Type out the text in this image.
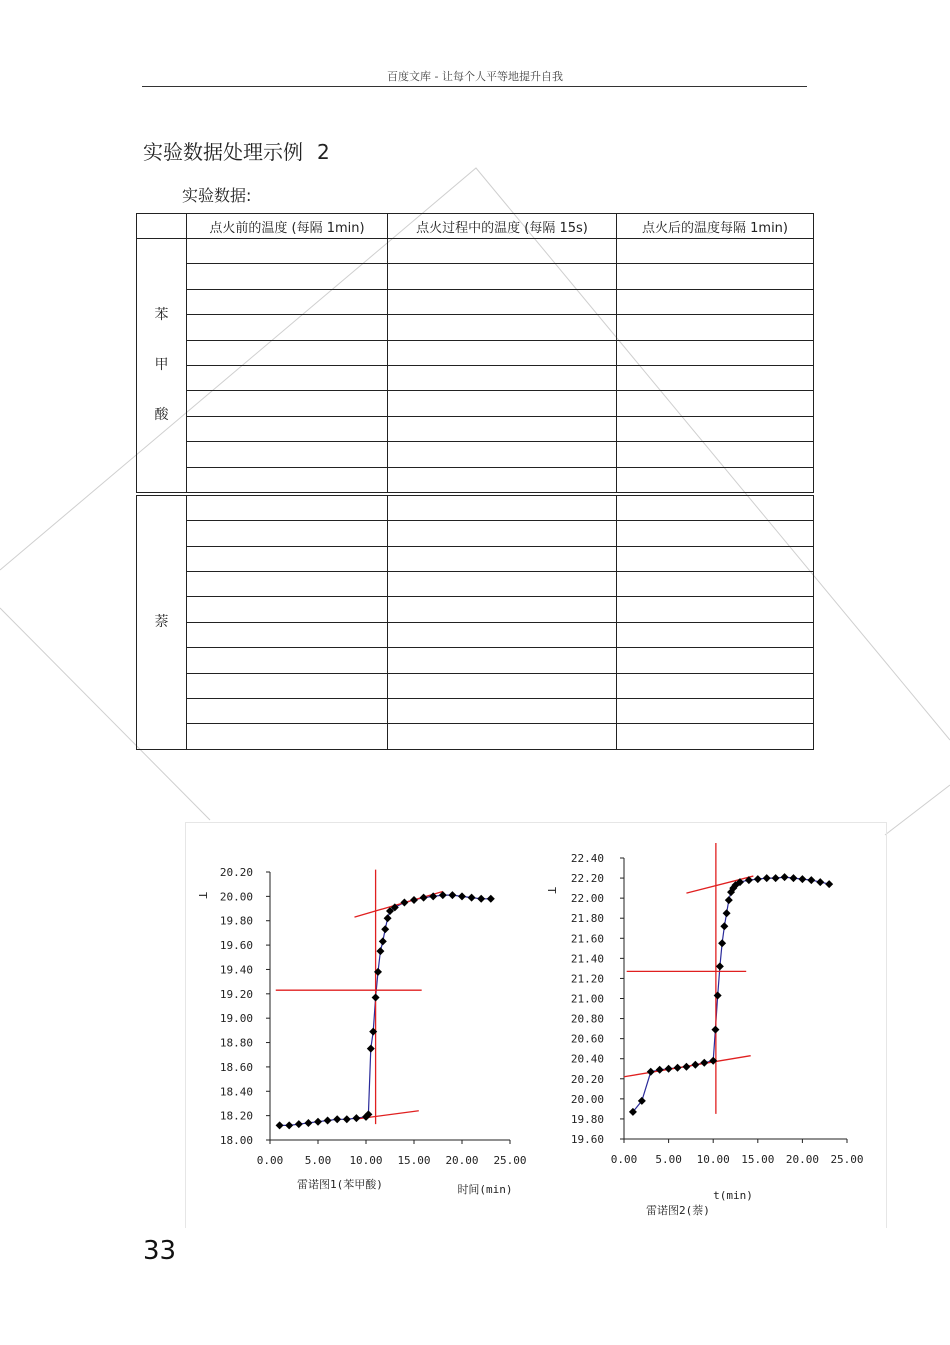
百度文库 - 让每个人平等地提升自我
实验数据处理示例 2
实验数据:
	点火前的温度 (每隔 1min)	点火过程中的温度 (每隔 15s)	点火后的温度每隔 1min)

苯
甲
酸			

萘			

18.00
18.20
18.40
18.60
18.80
19.00
19.20
19.40
19.60
19.80
20.00
20.20
0.00 5.00 10.00 15.00 20.00 25.00
T
时间(min)
雷诺图1(苯甲酸)
19.60
19.80
20.00
20.20
20.40
20.60
20.80
21.00
21.20
21.40
21.60
21.80
22.00
22.20
22.40
0.00 5.00 10.00 15.00 20.00 25.00
T
t(min)
雷诺图2(萘)
33
